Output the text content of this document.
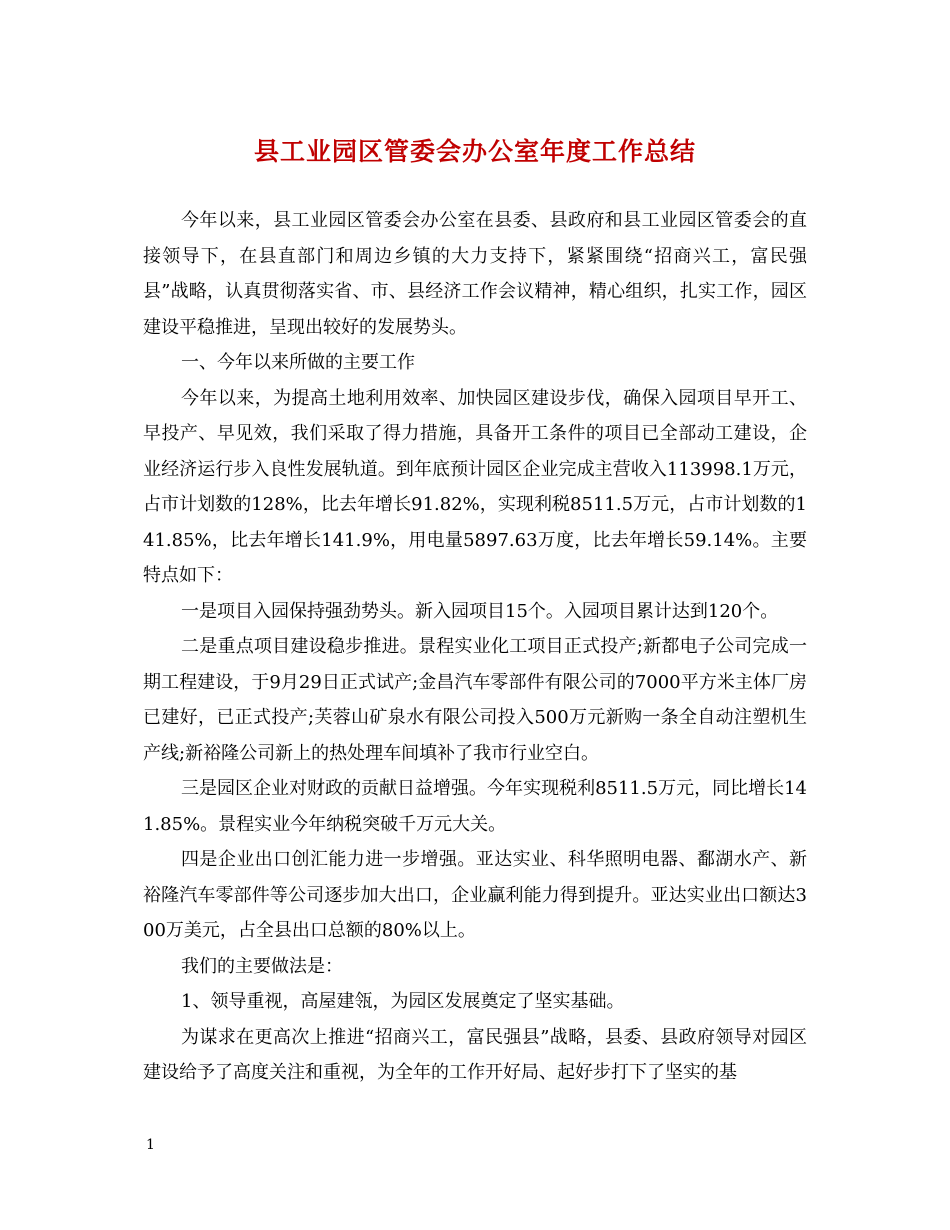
县工业园区管委会办公室年度工作总结

今年以来，县工业园区管委会办公室在县委、县政府和县工业园区管委会的直接领导下，在县直部门和周边乡镇的大力支持下，紧紧围绕“招商兴工，富民强县”战略，认真贯彻落实省、市、县经济工作会议精神，精心组织，扎实工作，园区建设平稳推进，呈现出较好的发展势头。

一、今年以来所做的主要工作

今年以来，为提高土地利用效率、加快园区建设步伐，确保入园项目早开工、早投产、早见效，我们采取了得力措施，具备开工条件的项目已全部动工建设，企业经济运行步入良性发展轨道。到年底预计园区企业完成主营收入113998.1万元，占市计划数的128%，比去年增长91.82%，实现利税8511.5万元，占市计划数的141.85%，比去年增长141.9%，用电量5897.63万度，比去年增长59.14%。主要特点如下：

一是项目入园保持强劲势头。新入园项目15个。入园项目累计达到120个。

二是重点项目建设稳步推进。景程实业化工项目正式投产;新都电子公司完成一期工程建设，于9月29日正式试产;金昌汽车零部件有限公司的7000平方米主体厂房已建好，已正式投产;芙蓉山矿泉水有限公司投入500万元新购一条全自动注塑机生产线;新裕隆公司新上的热处理车间填补了我市行业空白。

三是园区企业对财政的贡献日益增强。今年实现税利8511.5万元，同比增长141.85%。景程实业今年纳税突破千万元大关。

四是企业出口创汇能力进一步增强。亚达实业、科华照明电器、鄱湖水产、新裕隆汽车零部件等公司逐步加大出口，企业赢利能力得到提升。亚达实业出口额达300万美元，占全县出口总额的80%以上。

我们的主要做法是：

1、领导重视，高屋建瓴，为园区发展奠定了坚实基础。

为谋求在更高次上推进“招商兴工，富民强县”战略，县委、县政府领导对园区建设给予了高度关注和重视，为全年的工作开好局、起好步打下了坚实的基

1
